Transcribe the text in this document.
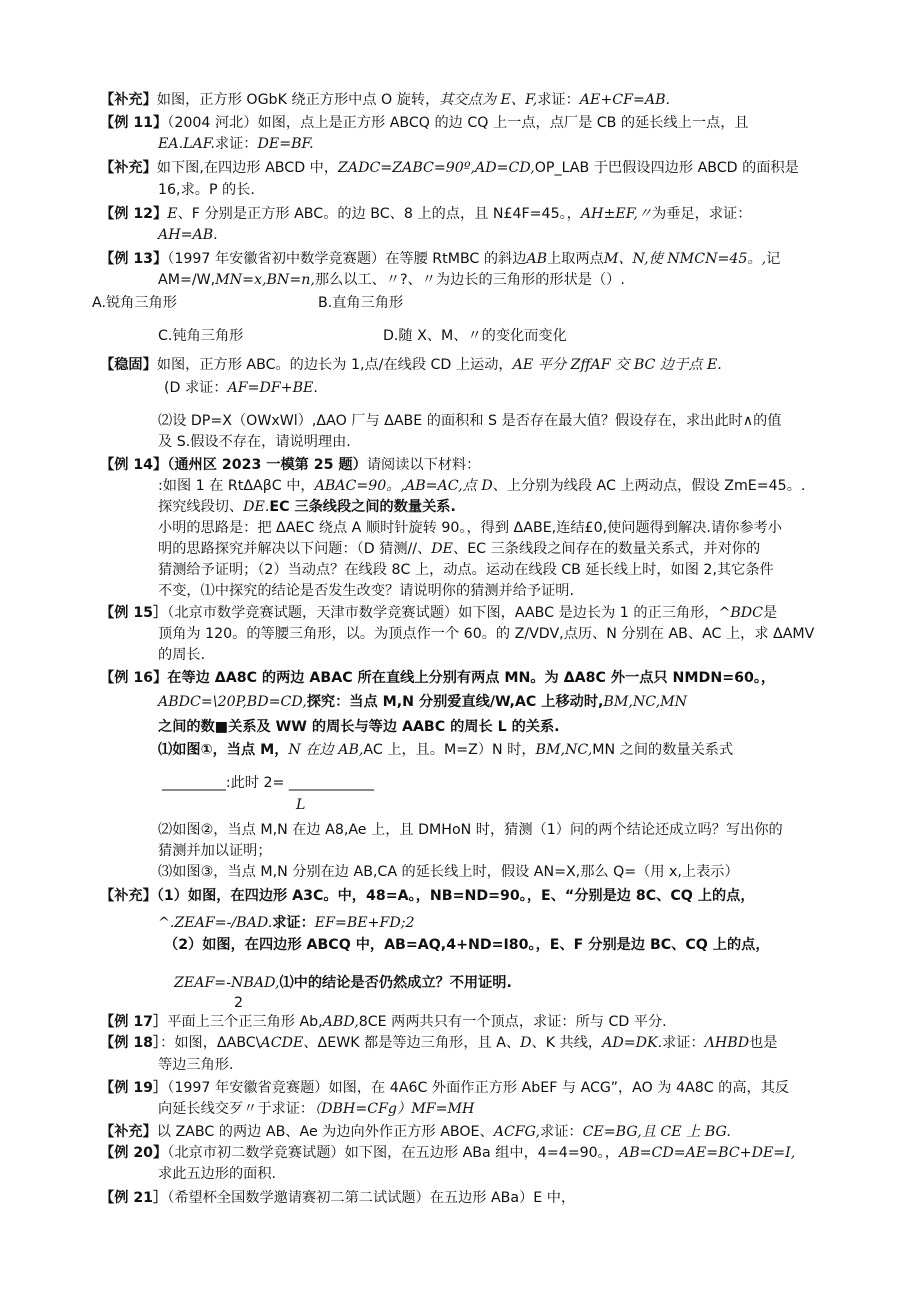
【补充】如图，正方形 OGbK 绕正方形中点 O 旋转，其交点为 E、F,求证：AE+CF=AB.
【例 11】（2004 河北）如图，点上是正方形 ABCQ 的边 CQ 上一点，点厂是 CB 的延长线上一点，且
EA.LAF.求证：DE=BF.
【补充】如下图,在四边形 ABCD 中，ZADC=ZABC=90º,AD=CD,OP_LAB 于巴假设四边形 ABCD 的面积是
16,求。P 的长.
【例 12】E、F 分别是正方形 ABC。的边 BC、8 上的点，且 N£4F=45。，AH±EF,〃为垂足，求证：
AH=AB.
【例 13】（1997 年安徽省初中数学竞赛题）在等腰 RtMBC 的斜边AB上取两点M、N,使 NMCN=45。,记
AM=/W,MN=x,BN=n,那么以工、〃?、〃为边长的三角形的形状是（）.
A.锐角三角形	B.直角三角形
C.钝角三角形	D.随 X、M、〃的变化而变化
【稳固】如图，正方形 ABC。的边长为 1,点/在线段 CD 上运动，AE 平分 ZffAF 交 BC 边于点 E.
(D 求证：AF=DF+BE.
⑵设 DP=X（OWxWl）,ΔAO 厂与 ΔABE 的面积和 S 是否存在最大值？假设存在，求出此时∧的值
及 S.假设不存在，请说明理由.
【例 14】（通州区 2023 一模第 25 题）请阅读以下材料：
:如图 1 在 RtΔAβC 中，ABAC=90。,AB=AC,点 D、上分别为线段 AC 上两动点，假设 ZmE=45。.
探究线段切、DE.EC 三条线段之间的数量关系.
小明的思路是：把 ΔAEC 绕点 A 顺时针旋转 90。，得到 ΔABE,连结£0,使问题得到解决.请你参考小
明的思路探究并解决以下问题：（D 猜测//、DE、EC 三条线段之间存在的数量关系式，并对你的
猜测给予证明；（2）当动点？在线段 8C 上，动点。运动在线段 CB 延长线上时，如图 2,其它条件
不变，⑴中探究的结论是否发生改变？请说明你的猜测并给予证明.
【例 15］（北京市数学竞赛试题，天津市数学竞赛试题）如下图，AABC 是边长为 1 的正三角形，^BDC是
顶角为 120。的等腰三角形，以。为顶点作一个 60。的 Z/VDV,点历、N 分别在 AB、AC 上，求 ΔAMV
的周长.
【例 16】在等边 ΔA8C 的两边 ABAC 所在直线上分别有两点 MN。为 ΔA8C 外一点只 NMDN=60。，
ABDC=\20P,BD=CD,探究：当点 M,N 分别爱直线/W,AC 上移动时,BM,NC,MN
之间的数■关系及 WW 的周长与等边 AABC 的周长 L 的关系.
⑴如图①，当点 M，N 在边 AB,AC 上，且。M=Z）N 时，BM,NC,MN 之间的数量关系式
_________:此时 2= ____________
L
⑵如图②，当点 M,N 在边 A8,Ae 上，且 DMHoN 时，猜测（1）问的两个结论还成立吗？写出你的
猜测并加以证明；
⑶如图③，当点 M,N 分别在边 AB,CA 的延长线上时，假设 AN=X,那么 Q=（用 x,上表示）
【补充】（1）如图，在四边形 A3C。中，48=A。，NB=ND=90。，E、“分别是边 8C、CQ 上的点，
^.ZEAF=-/BAD.求证：EF=BE+FD;2
（2）如图，在四边形 ABCQ 中，AB=AQ,4+ND=I80。，E、F 分别是边 BC、CQ 上的点，
ZEAF=-NBAD,⑴中的结论是否仍然成立？不用证明.
2
【例 17］平面上三个正三角形 Ab,ABD,8CE 两两共只有一个顶点，求证：所与 CD 平分.
【例 18］：如图，ΔABC\ACDE、ΔEWK 都是等边三角形，且 A、D、K 共线，AD=DK.求证：ΛHBD也是
等边三角形.
【例 19］（1997 年安徽省竞赛题）如图，在 4A6C 外面作正方形 AbEF 与 ACG”，AO 为 4A8C 的高，其反
向延长线交歹〃于求证：（DBH=CFg）MF=MH
【补充】以 ZABC 的两边 AB、Ae 为边向外作正方形 ABOE、ACFG,求证：CE=BG,且 CE 上 BG.
【例 20】（北京市初二数学竞赛试题）如下图，在五边形 ABa 组中，4=4=90。，AB=CD=AE=BC+DE=I,
求此五边形的面积.
【例 21］（希望杯全国数学邀请赛初二第二试试题）在五边形 ABa）E 中，
